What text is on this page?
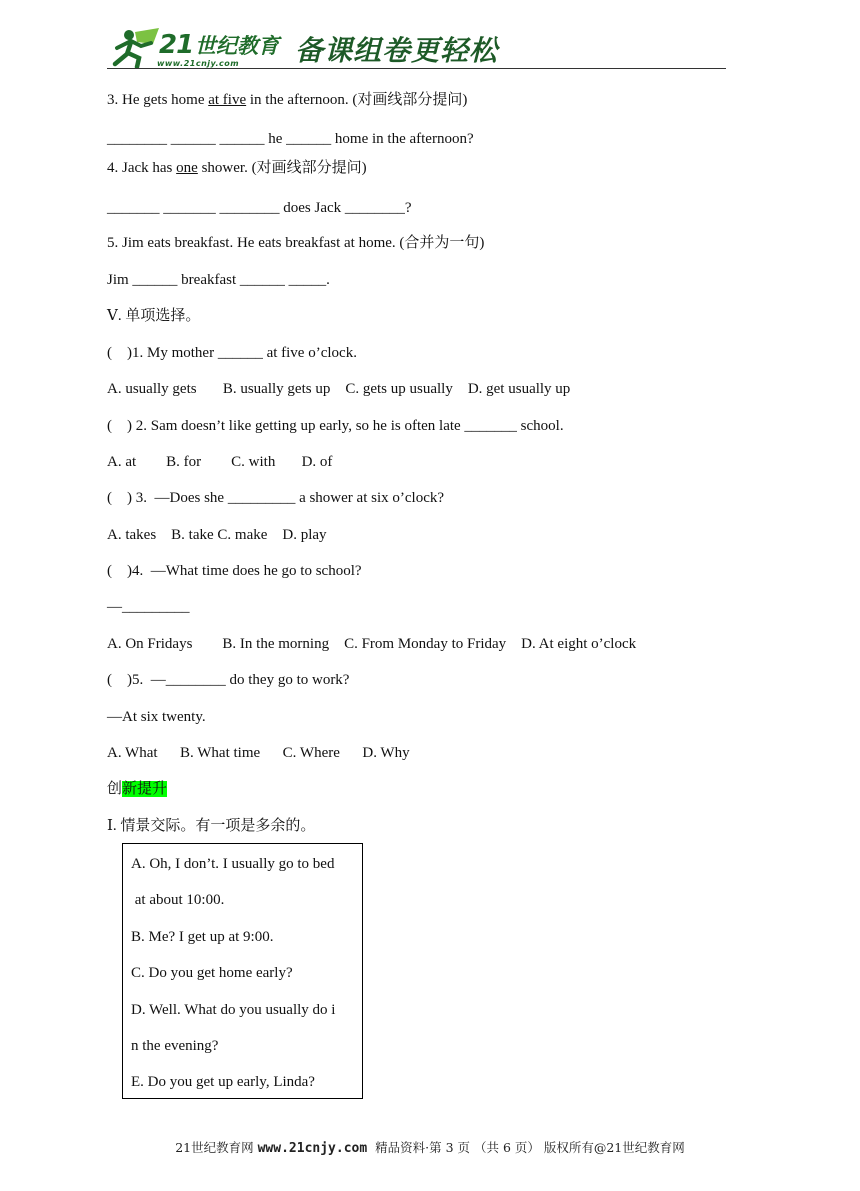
21 世纪教育
www.21cnjy.com 备课组卷更轻松
3. He gets home at five in the afternoon. (对画线部分提问)
________ ______ ______ he ______ home in the afternoon?
4. Jack has one shower. (对画线部分提问)
_______ _______ ________ does Jack ________?
5. Jim eats breakfast. He eats breakfast at home. (合并为一句)
Jim ______ breakfast ______ _____.
Ⅴ. 单项选择。
(    )1. My mother ______ at five o’clock.
A. usually gets       B. usually gets up    C. gets up usually    D. get usually up
(    ) 2. Sam doesn’t like getting up early, so he is often late _______ school.
A. at        B. for        C. with       D. of
(    ) 3.  —Does she _________ a shower at six o’clock?
A. takes    B. take C. make    D. play
(    )4.  —What time does he go to school?
—_________
A. On Fridays        B. In the morning    C. From Monday to Friday    D. At eight o’clock
(    )5.  —________ do they go to work?
—At six twenty.
A. What      B. What time      C. Where      D. Why
创新提升
Ⅰ. 情景交际。有一项是多余的。
A. Oh, I don’t. I usually go to bed
at about 10:00.
B. Me? I get up at 9:00.
C. Do you get home early?
D. Well. What do you usually do i
n the evening?
E. Do you get up early, Linda?
21世纪教育网 www.21cnjy.com  精品资料·第 3 页 （共 6 页） 版权所有@21世纪教育网
